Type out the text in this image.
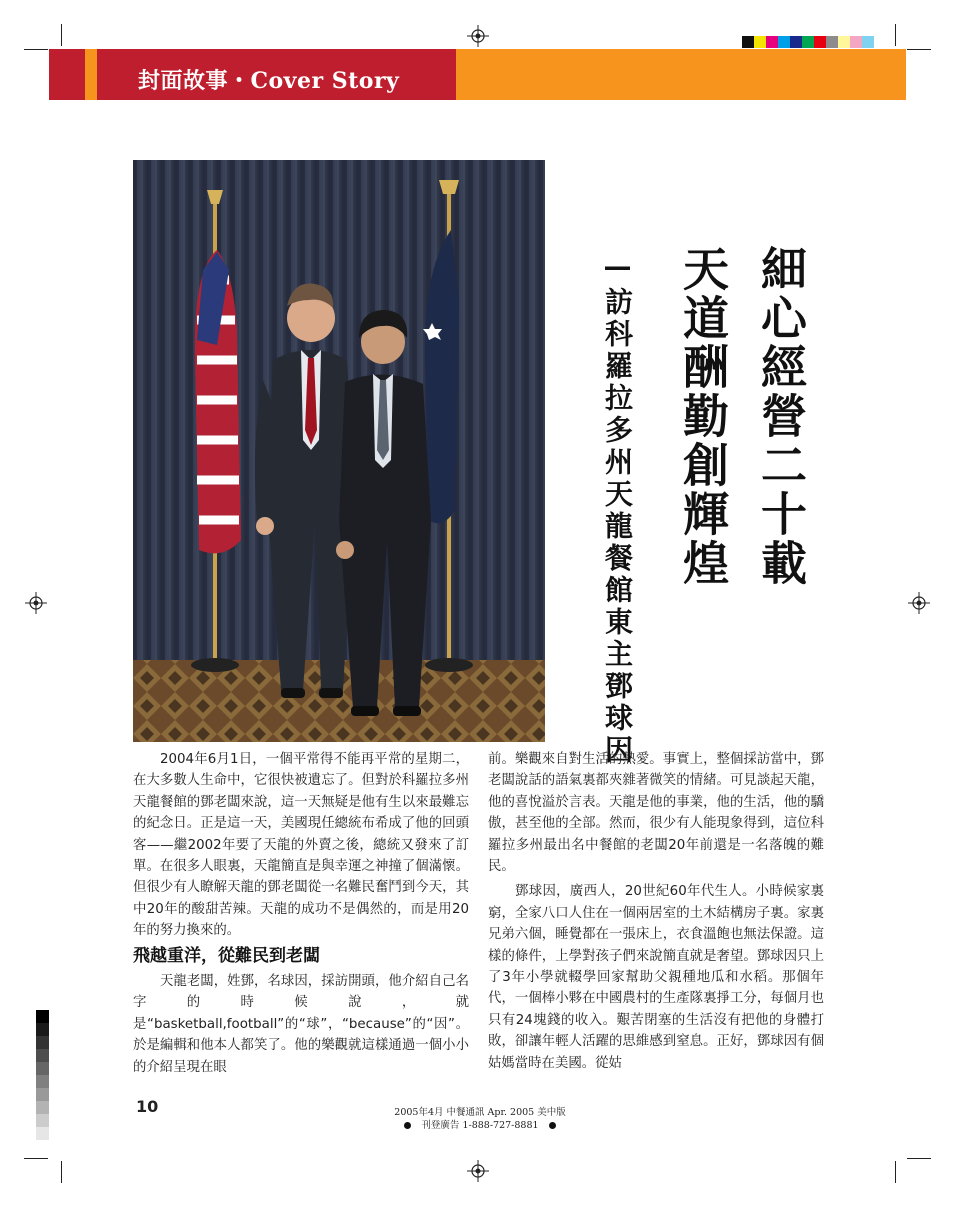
封面故事・Cover Story
細心經營二十載
天道酬勤創輝煌
—訪科羅拉多州天龍餐館東主鄧球因

2004年6月1日，一個平常得不能再平常的星期二，在大多數人生命中，它很快被遺忘了。但對於科羅拉多州天龍餐館的鄧老闆來說，這一天無疑是他有生以來最難忘的紀念日。正是這一天，美國現任總統布希成了他的回頭客——繼2002年要了天龍的外賣之後，總統又發來了訂單。在很多人眼裏，天龍簡直是與幸運之神撞了個滿懷。但很少有人瞭解天龍的鄧老闆從一名難民奮鬥到今天，其中20年的酸甜苦辣。天龍的成功不是偶然的，而是用20年的努力換來的。

飛越重洋，從難民到老闆

天龍老闆，姓鄧，名球因，採訪開頭，他介紹自己名字的時候說，就是“basketball,football”的“球”，“because”的“因”。於是編輯和他本人都笑了。他的樂觀就這樣通過一個小小的介紹呈現在眼

前。樂觀來自對生活的熱愛。事實上，整個採訪當中，鄧老闆說話的語氣裏都夾雜著微笑的情緒。可見談起天龍，他的喜悅溢於言表。天龍是他的事業，他的生活，他的驕傲，甚至他的全部。然而，很少有人能現象得到，這位科羅拉多州最出名中餐館的老闆20年前還是一名落魄的難民。

鄧球因，廣西人，20世紀60年代生人。小時候家裏窮，全家八口人住在一個兩居室的土木結構房子裏。家裏兄弟六個，睡覺都在一張床上，衣食溫飽也無法保證。這樣的條件，上學對孩子們來說簡直就是奢望。鄧球因只上了3年小學就輟學回家幫助父親種地瓜和水稻。那個年代，一個棒小夥在中國農村的生產隊裏掙工分，每個月也只有24塊錢的收入。艱苦閉塞的生活沒有把他的身體打敗，卻讓年輕人活躍的思維感到窒息。正好，鄧球因有個姑媽當時在美國。從姑

10	2005年4月 中餐通訊 Apr. 2005 美中版
刊登廣告 1-888-727-8881
